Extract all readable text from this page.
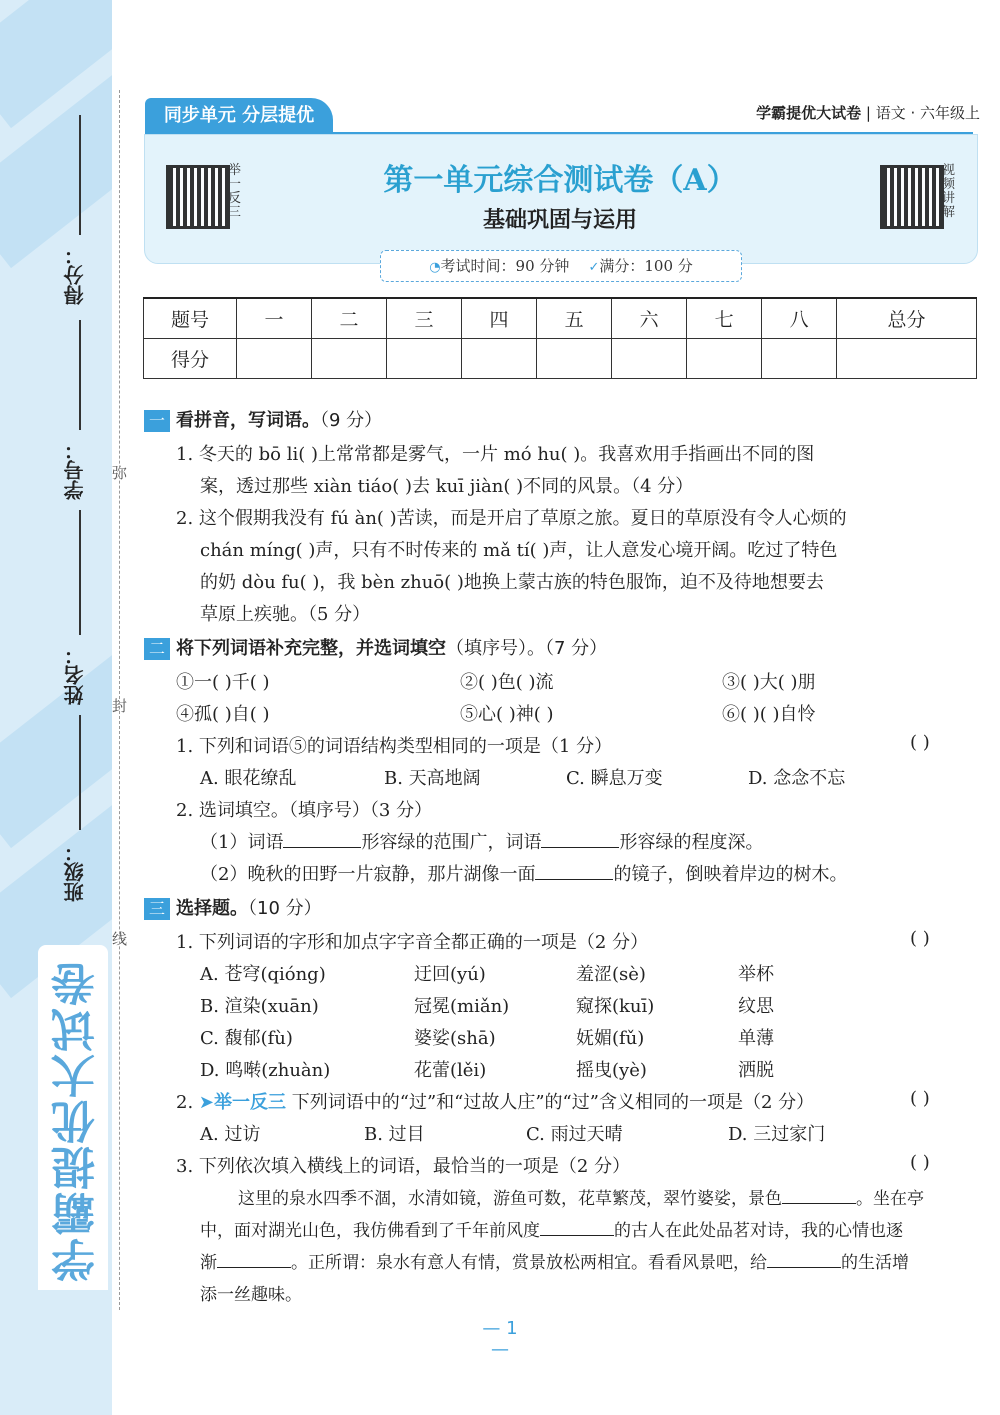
学霸提优大试卷
得分：
学号：
姓名：
班级：
弥
封
线
同步单元 分层提优	学霸提优大试卷 | 语文 · 六年级上
举一反三
视频讲解
第一单元综合测试卷（A）
基础巩固与运用
◔考试时间：90 分钟 ✓满分：100 分
题号	一	二	三	四	五	六	七	八	总分
得分									
一 看拼音，写词语。（9 分）
1. 冬天的 bō li( )上常常都是雾气，一片 mó hu( )。我喜欢用手指画出不同的图
案，透过那些 xiàn tiáo( )去 kuī jiàn( )不同的风景。（4 分）
2. 这个假期我没有 fú àn( )苦读，而是开启了草原之旅。夏日的草原没有令人心烦的
chán míng( )声，只有不时传来的 mǎ tí( )声，让人意发心境开阔。吃过了特色
的奶 dòu fu( )，我 bèn zhuō( )地换上蒙古族的特色服饰，迫不及待地想要去
草原上疾驰。（5 分）
二 将下列词语补充完整，并选词填空（填序号）。（7 分）
①一( )千( )	②( )色( )流	③( )大( )朋
④孤( )自( )	⑤心( )神( )	⑥( )( )自怜
1. 下列和词语⑤的词语结构类型相同的一项是（1 分）	( )
A. 眼花缭乱	B. 天高地阔	C. 瞬息万变	D. 念念不忘
2. 选词填空。（填序号）（3 分）
（1）词语	形容绿的范围广，词语	形容绿的程度深。
（2）晚秋的田野一片寂静，那片湖像一面	的镜子，倒映着岸边的树木。
三 选择题。（10 分）
1. 下列词语的字形和加点字字音全都正确的一项是（2 分）	( )
A. 苍穹(qióng)	迂回(yú)	羞涩(sè)	举杯
B. 渲染(xuān)	冠冕(miǎn)	窥探(kuī)	纹思
C. 馥郁(fù)	婆娑(shā)	妩媚(fǔ)	单薄
D. 鸣啭(zhuàn)	花蕾(lěi)	摇曳(yè)	洒脱
2. ➤举一反三 下列词语中的“过”和“过故人庄”的“过”含义相同的一项是（2 分）	( )
A. 过访	B. 过目	C. 雨过天晴	D. 三过家门
3. 下列依次填入横线上的词语，最恰当的一项是（2 分）	( )
这里的泉水四季不涸，水清如镜，游鱼可数，花草繁茂，翠竹婆娑，景色	。坐在亭
中，面对湖光山色，我仿佛看到了千年前风度	的古人在此处品茗对诗，我的心情也逐
渐	。正所谓：泉水有意人有情，赏景放松两相宜。看看风景吧，给	的生活增
添一丝趣味。
— 1 —
